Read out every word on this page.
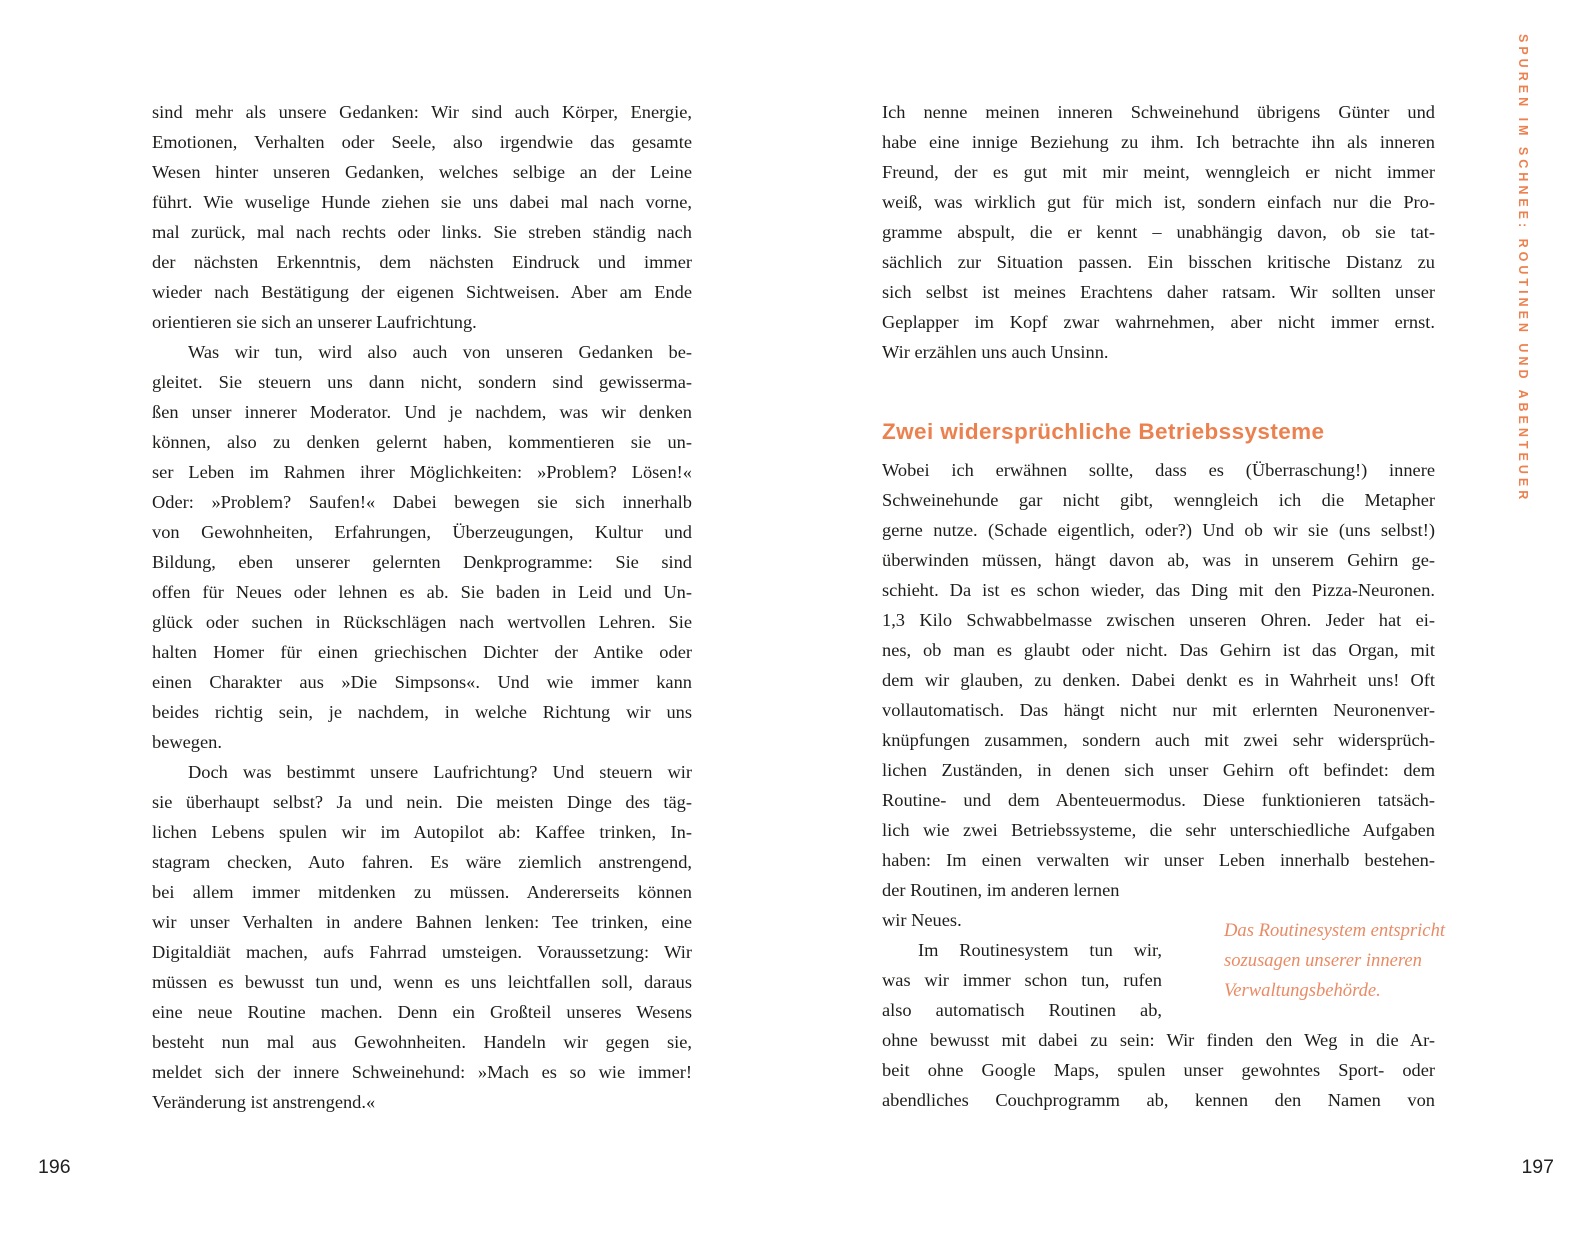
SPUREN IM SCHNEE: ROUTINEN UND ABENTEUER
sind mehr als unsere Gedanken: Wir sind auch Körper, Energie,
Emotionen, Verhalten oder Seele, also irgendwie das gesamte
Wesen hinter unseren Gedanken, welches selbige an der Leine
führt. Wie wuselige Hunde ziehen sie uns dabei mal nach vorne,
mal zurück, mal nach rechts oder links. Sie streben ständig nach
der nächsten Erkenntnis, dem nächsten Eindruck und immer
wieder nach Bestätigung der eigenen Sichtweisen. Aber am Ende
orientieren sie sich an unserer Laufrichtung.
Was wir tun, wird also auch von unseren Gedanken be-
gleitet. Sie steuern uns dann nicht, sondern sind gewisserma-
ßen unser innerer Moderator. Und je nachdem, was wir denken
können, also zu denken gelernt haben, kommentieren sie un-
ser Leben im Rahmen ihrer Möglichkeiten: »Problem? Lösen!«
Oder: »Problem? Saufen!« Dabei bewegen sie sich innerhalb
von Gewohnheiten, Erfahrungen, Überzeugungen, Kultur und
Bildung, eben unserer gelernten Denkprogramme: Sie sind
offen für Neues oder lehnen es ab. Sie baden in Leid und Un-
glück oder suchen in Rückschlägen nach wertvollen Lehren. Sie
halten Homer für einen griechischen Dichter der Antike oder
einen Charakter aus »Die Simpsons«. Und wie immer kann
beides richtig sein, je nachdem, in welche Richtung wir uns
bewegen.
Doch was bestimmt unsere Laufrichtung? Und steuern wir
sie überhaupt selbst? Ja und nein. Die meisten Dinge des täg-
lichen Lebens spulen wir im Autopilot ab: Kaffee trinken, In-
stagram checken, Auto fahren. Es wäre ziemlich anstrengend,
bei allem immer mitdenken zu müssen. Andererseits können
wir unser Verhalten in andere Bahnen lenken: Tee trinken, eine
Digitaldiät machen, aufs Fahrrad umsteigen. Voraussetzung: Wir
müssen es bewusst tun und, wenn es uns leichtfallen soll, daraus
eine neue Routine machen. Denn ein Großteil unseres Wesens
besteht nun mal aus Gewohnheiten. Handeln wir gegen sie,
meldet sich der innere Schweinehund: »Mach es so wie immer!
Veränderung ist anstrengend.«
Ich nenne meinen inneren Schweinehund übrigens Günter und
habe eine innige Beziehung zu ihm. Ich betrachte ihn als inneren
Freund, der es gut mit mir meint, wenngleich er nicht immer
weiß, was wirklich gut für mich ist, sondern einfach nur die Pro-
gramme abspult, die er kennt – unabhängig davon, ob sie tat-
sächlich zur Situation passen. Ein bisschen kritische Distanz zu
sich selbst ist meines Erachtens daher ratsam. Wir sollten unser
Geplapper im Kopf zwar wahrnehmen, aber nicht immer ernst.
Wir erzählen uns auch Unsinn.
Zwei widersprüchliche Betriebssysteme
Wobei ich erwähnen sollte, dass es (Überraschung!) innere
Schweinehunde gar nicht gibt, wenngleich ich die Metapher
gerne nutze. (Schade eigentlich, oder?) Und ob wir sie (uns selbst!)
überwinden müssen, hängt davon ab, was in unserem Gehirn ge-
schieht. Da ist es schon wieder, das Ding mit den Pizza-Neuronen.
1,3 Kilo Schwabbelmasse zwischen unseren Ohren. Jeder hat ei-
nes, ob man es glaubt oder nicht. Das Gehirn ist das Organ, mit
dem wir glauben, zu denken. Dabei denkt es in Wahrheit uns! Oft
vollautomatisch. Das hängt nicht nur mit erlernten Neuronenver-
knüpfungen zusammen, sondern auch mit zwei sehr widersprüch-
lichen Zuständen, in denen sich unser Gehirn oft befindet: dem
Routine- und dem Abenteuermodus. Diese funktionieren tatsäch-
lich wie zwei Betriebssysteme, die sehr unterschiedliche Aufgaben
haben: Im einen verwalten wir unser Leben innerhalb bestehen-
der Routinen, im anderen lernen
wir Neues.
Im Routinesystem tun wir,
was wir immer schon tun, rufen
also automatisch Routinen ab,
Das Routinesystem entspricht
sozusagen unserer inneren
Verwaltungsbehörde.
ohne bewusst mit dabei zu sein: Wir finden den Weg in die Ar-
beit ohne Google Maps, spulen unser gewohntes Sport- oder
abendliches Couchprogramm ab, kennen den Namen von
196	197
